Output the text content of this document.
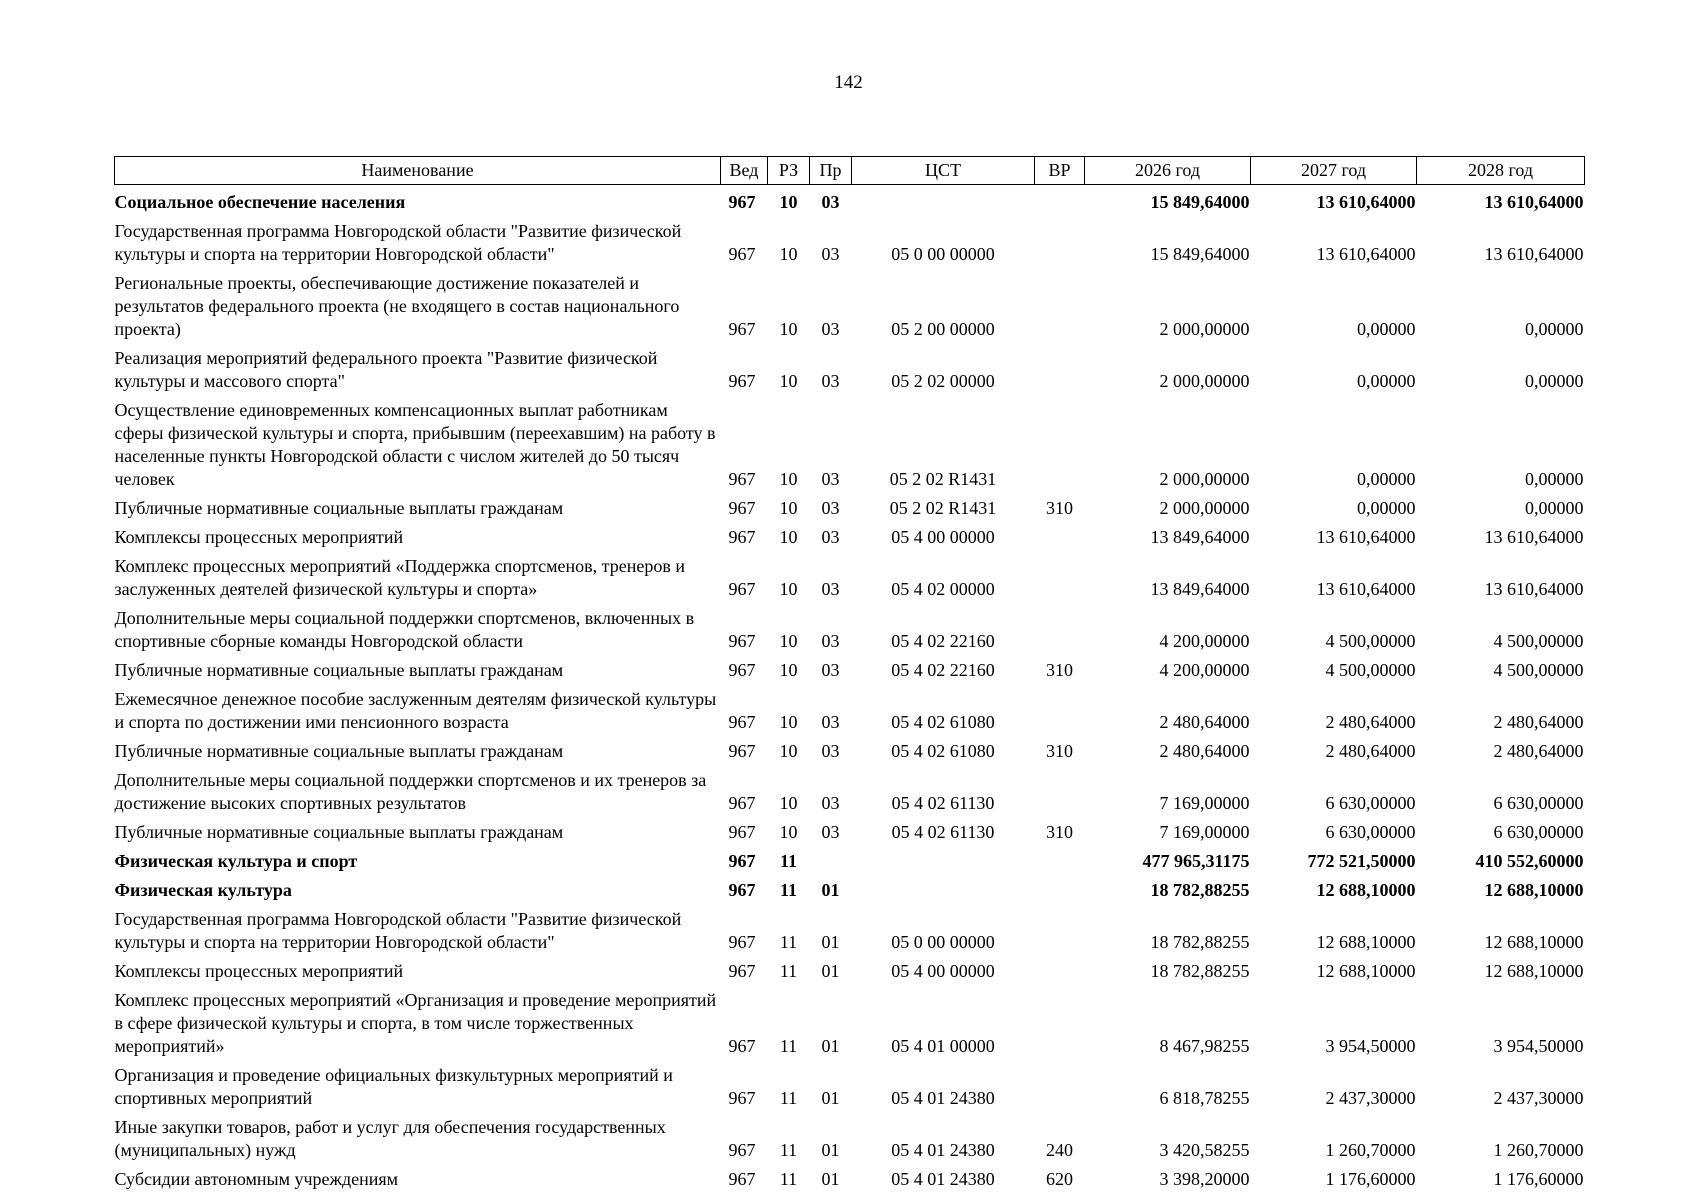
142
Наименование	Вед	РЗ	Пр	ЦСТ	ВР	2026 год	2027 год	2028 год
Социальное обеспечение населения	967	10	03			15 849,64000	13 610,64000	13 610,64000
Государственная программа Новгородской области "Развитие физической культуры и спорта на территории Новгородской области"	967	10	03	05 0 00 00000		15 849,64000	13 610,64000	13 610,64000
Региональные проекты, обеспечивающие достижение показателей и результатов федерального проекта (не входящего в состав национального проекта)	967	10	03	05 2 00 00000		2 000,00000	0,00000	0,00000
Реализация мероприятий федерального проекта "Развитие физической культуры и массового спорта"	967	10	03	05 2 02 00000		2 000,00000	0,00000	0,00000
Осуществление единовременных компенсационных выплат работникам сферы физической культуры и спорта, прибывшим (переехавшим) на работу в населенные пункты Новгородской области с числом жителей до 50 тысяч человек	967	10	03	05 2 02 R1431		2 000,00000	0,00000	0,00000
Публичные нормативные социальные выплаты гражданам	967	10	03	05 2 02 R1431	310	2 000,00000	0,00000	0,00000
Комплексы процессных мероприятий	967	10	03	05 4 00 00000		13 849,64000	13 610,64000	13 610,64000
Комплекс процессных мероприятий «Поддержка спортсменов, тренеров и заслуженных деятелей физической культуры и спорта»	967	10	03	05 4 02 00000		13 849,64000	13 610,64000	13 610,64000
Дополнительные меры социальной поддержки спортсменов, включенных в спортивные сборные команды Новгородской области	967	10	03	05 4 02 22160		4 200,00000	4 500,00000	4 500,00000
Публичные нормативные социальные выплаты гражданам	967	10	03	05 4 02 22160	310	4 200,00000	4 500,00000	4 500,00000
Ежемесячное денежное пособие заслуженным деятелям физической культуры и спорта по достижении ими пенсионного возраста	967	10	03	05 4 02 61080		2 480,64000	2 480,64000	2 480,64000
Публичные нормативные социальные выплаты гражданам	967	10	03	05 4 02 61080	310	2 480,64000	2 480,64000	2 480,64000
Дополнительные меры социальной поддержки спортсменов и их тренеров за достижение высоких спортивных результатов	967	10	03	05 4 02 61130		7 169,00000	6 630,00000	6 630,00000
Публичные нормативные социальные выплаты гражданам	967	10	03	05 4 02 61130	310	7 169,00000	6 630,00000	6 630,00000
Физическая культура и спорт	967	11				477 965,31175	772 521,50000	410 552,60000
Физическая культура	967	11	01			18 782,88255	12 688,10000	12 688,10000
Государственная программа Новгородской области "Развитие физической культуры и спорта на территории Новгородской области"	967	11	01	05 0 00 00000		18 782,88255	12 688,10000	12 688,10000
Комплексы процессных мероприятий	967	11	01	05 4 00 00000		18 782,88255	12 688,10000	12 688,10000
Комплекс процессных мероприятий «Организация и проведение мероприятий в сфере физической культуры и спорта, в том числе торжественных мероприятий»	967	11	01	05 4 01 00000		8 467,98255	3 954,50000	3 954,50000
Организация и проведение официальных физкультурных мероприятий и спортивных мероприятий	967	11	01	05 4 01 24380		6 818,78255	2 437,30000	2 437,30000
Иные закупки товаров, работ и услуг для обеспечения государственных (муниципальных) нужд	967	11	01	05 4 01 24380	240	3 420,58255	1 260,70000	1 260,70000
Субсидии автономным учреждениям	967	11	01	05 4 01 24380	620	3 398,20000	1 176,60000	1 176,60000
